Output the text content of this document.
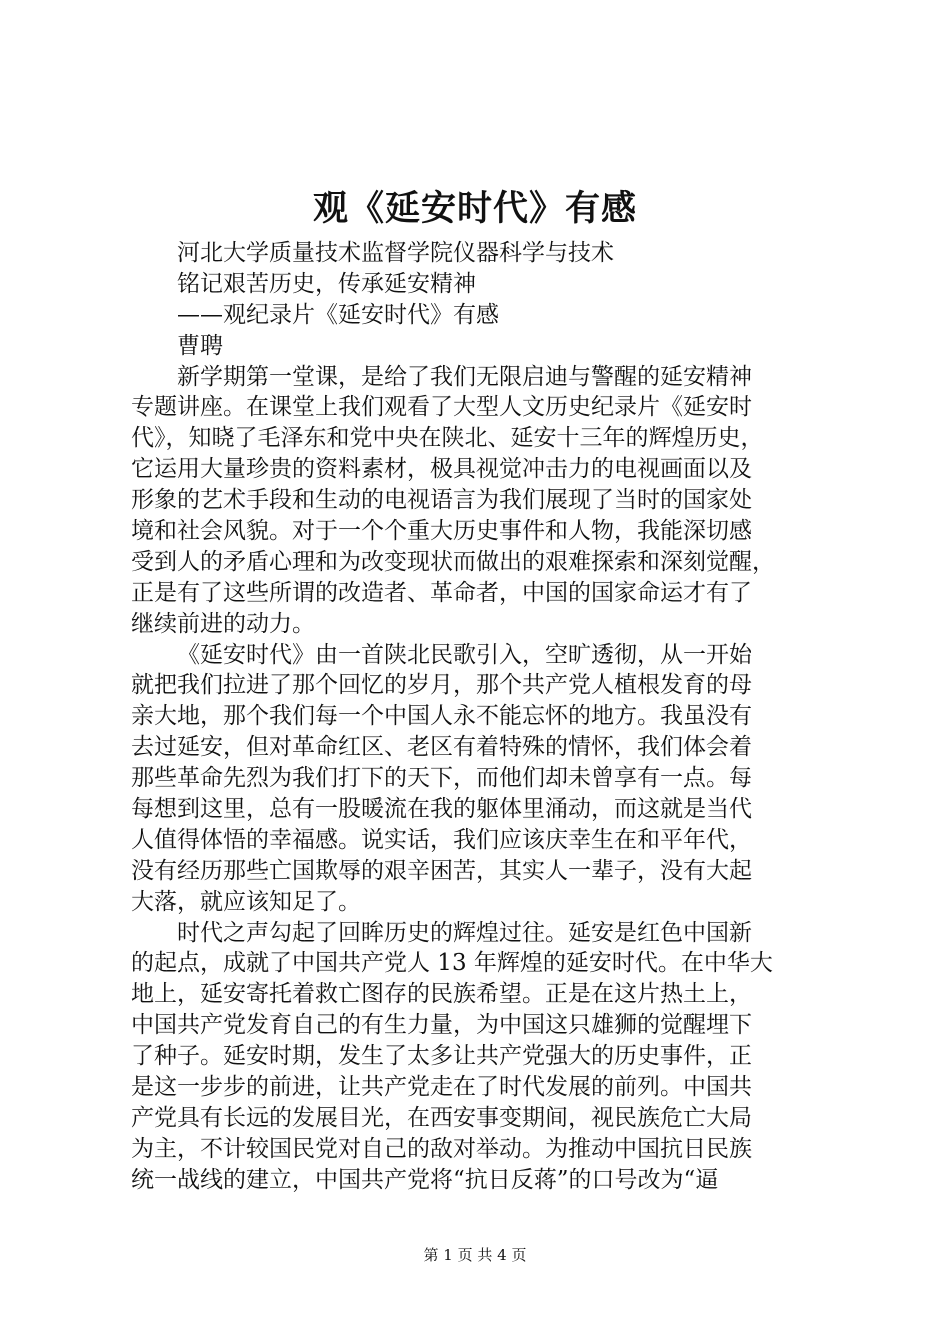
观《延安时代》有感
河北大学质量技术监督学院仪器科学与技术
铭记艰苦历史，传承延安精神
——观纪录片《延安时代》有感
曹聘
新学期第一堂课，是给了我们无限启迪与警醒的延安精神
专题讲座。在课堂上我们观看了大型人文历史纪录片《延安时
代》，知晓了毛泽东和党中央在陕北、延安十三年的辉煌历史，
它运用大量珍贵的资料素材，极具视觉冲击力的电视画面以及
形象的艺术手段和生动的电视语言为我们展现了当时的国家处
境和社会风貌。对于一个个重大历史事件和人物，我能深切感
受到人的矛盾心理和为改变现状而做出的艰难探索和深刻觉醒，
正是有了这些所谓的改造者、革命者，中国的国家命运才有了
继续前进的动力。
《延安时代》由一首陕北民歌引入，空旷透彻，从一开始
就把我们拉进了那个回忆的岁月，那个共产党人植根发育的母
亲大地，那个我们每一个中国人永不能忘怀的地方。我虽没有
去过延安，但对革命红区、老区有着特殊的情怀，我们体会着
那些革命先烈为我们打下的天下，而他们却未曾享有一点。每
每想到这里，总有一股暖流在我的躯体里涌动，而这就是当代
人值得体悟的幸福感。说实话，我们应该庆幸生在和平年代，
没有经历那些亡国欺辱的艰辛困苦，其实人一辈子，没有大起
大落，就应该知足了。
时代之声勾起了回眸历史的辉煌过往。延安是红色中国新
的起点，成就了中国共产党人 13 年辉煌的延安时代。在中华大
地上，延安寄托着救亡图存的民族希望。正是在这片热土上，
中国共产党发育自己的有生力量，为中国这只雄狮的觉醒埋下
了种子。延安时期，发生了太多让共产党强大的历史事件，正
是这一步步的前进，让共产党走在了时代发展的前列。中国共
产党具有长远的发展目光，在西安事变期间，视民族危亡大局
为主，不计较国民党对自己的敌对举动。为推动中国抗日民族
统一战线的建立，中国共产党将“抗日反蒋”的口号改为“逼
第 1 页 共 4 页
